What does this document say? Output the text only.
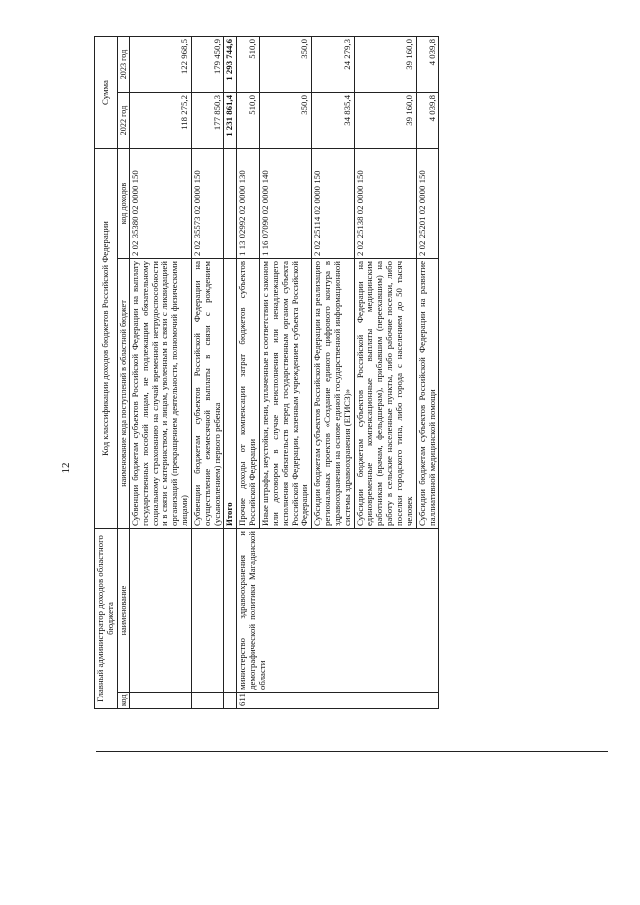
12
Главный администратор доходов областного бюджета		Код классификации доходов бюджетов Российской Федерации		Сумма	
код	наименование	наименование кода поступлений в областной бюджет	код доходов	2022 год	2023 год
		Субвенции бюджетам субъектов Российской Федерации на выплату государственных пособий лицам, не подлежащим обязательному социальному страхованию на случай временной нетрудоспособности и в связи с материнством, и лицам, уволенным в связи с ликвидацией организаций (прекращением деятельности, полномочий физическими лицами)	2 02 35380 02 0000 150	118 275,2	122 968,5
		Субвенции бюджетам субъектов Российской Федерации на осуществление ежемесячной выплаты в связи с рождением (усыновлением) первого ребенка	2 02 35573 02 0000 150	177 850,3	179 450,9
		Итого		1 231 861,4	1 293 744,6
611	министерство здравоохранения и демографической политики Магаданской области	Прочие доходы от компенсации затрат бюджетов субъектов Российской Федерации	1 13 02992 02 0000 130	510,0	510,0
		Иные штрафы, неустойки, пени, уплаченные в соответствии с законом или договором в случае неисполнения или ненадлежащего исполнения обязательств перед государственным органом субъекта Российской Федерации, казенным учреждением субъекта Российской Федерации	1 16 07090 02 0000 140	350,0	350,0
		Субсидии бюджетам субъектов Российской Федерации на реализацию региональных проектов «Создание единого цифрового контура в здравоохранении на основе единой государственной информационной системы здравоохранения (ЕГИСЗ)»	2 02 25114 02 0000 150	34 835,4	24 279,3
		Субсидии бюджетам субъектов Российской Федерации на единовременные компенсационные выплаты медицинским работникам (врачам, фельдшерам), прибывшим (переехавшим) на работу в сельские населенные пункты, либо рабочие поселки, либо поселки городского типа, либо города с населением до 50 тысяч человек	2 02 25138 02 0000 150	39 160,0	39 160,0
		Субсидии бюджетам субъектов Российской Федерации на развитие паллиативной медицинской помощи	2 02 25201 02 0000 150	4 039,8	4 039,8
